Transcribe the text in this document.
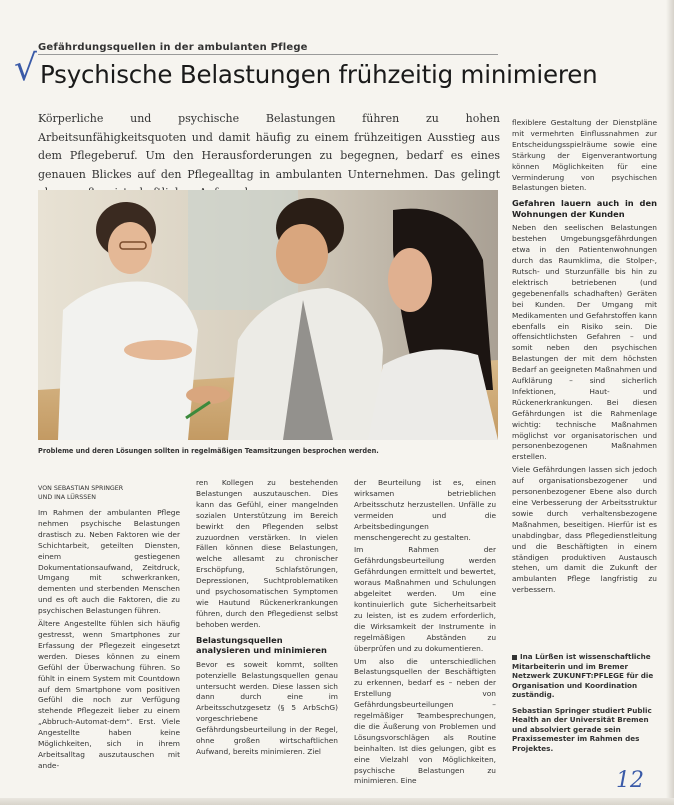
√
Gefährdungsquellen in der ambulanten Pflege
Psychische Belastungen frühzeitig minimieren
Körperliche und psychische Belastungen führen zu hohen Arbeitsunfähigkeitsquoten und damit häufig zu einem frühzeitigen Ausstieg aus dem Pflegeberuf. Um den Herausforderungen zu begegnen, bedarf es eines genauen Blickes auf den Pflegealltag in ambulanten Unternehmen. Das gelingt
Probleme und deren Lösungen sollten in regelmäßigen Teamsitzungen besprochen werden.
VON SEBASTIAN SPRINGER
UND INA LÜRSSEN

Im Rahmen der ambulanten Pflege nehmen psychische Belastungen drastisch zu. Neben Faktoren wie der Schichtarbeit, geteilten Diensten, einem gestiegenen Dokumentationsaufwand, Zeitdruck, Umgang mit schwerkranken, dementen und sterbenden Menschen und es oft auch die Faktoren, die zu psychischen Belastungen führen.

Ältere Angestellte fühlen sich häufig gestresst, wenn Smartphones zur Erfassung der Pflegezeit eingesetzt werden. Dieses können zu einem Gefühl der Überwachung führen. So fühlt in einem System mit Countdown auf dem Smartphone vom positiven Gefühl die noch zur Verfügung stehende Pflegezeit lieber zu einem „Abbruch-Automat-dem“. Erst. Viele Angestellte haben keine Möglichkeiten, sich in ihrem Arbeitsalltag auszutauschen mit ande-

ren Kollegen zu bestehenden Belastungen auszutauschen. Dies kann das Gefühl, einer mangelnden sozialen Unterstützung im Bereich bewirkt den Pflegenden selbst zuzuordnen verstärken. In vielen Fällen können diese Belastungen, welche allesamt zu chronischer Erschöpfung, Schlafstörungen, Depressionen, Suchtproblematiken und psychosomatischen Symptomen wie Hautund Rückenerkrankungen führen, durch den Pflegedienst selbst behoben werden.

Belastungsquellen analysieren und minimieren

Bevor es soweit kommt, sollten potenzielle Belastungsquellen genau untersucht werden. Diese lassen sich dann durch eine im Arbeitsschutzgesetz (§ 5 ArbSchG) vorgeschriebene Gefährdungsbeurteilung in der Regel, ohne großen wirtschaftlichen Aufwand, bereits minimieren. Ziel

der Beurteilung ist es, einen wirksamen betrieblichen Arbeitsschutz herzustellen. Unfälle zu vermeiden und die Arbeitsbedingungen menschengerecht zu gestalten.

Im Rahmen der Gefährdungsbeurteilung werden Gefährdungen ermittelt und bewertet, woraus Maßnahmen und Schulungen abgeleitet werden. Um eine kontinuierlich gute Sicherheitsarbeit zu leisten, ist es zudem erforderlich, die Wirksamkeit der Instrumente in regelmäßigen Abständen zu überprüfen und zu dokumentieren.

Um also die unterschiedlichen Belastungsquellen der Beschäftigten zu erkennen, bedarf es – neben der Erstellung von Gefährdungsbeurteilungen – regelmäßiger Teambesprechungen, die die Äußerung von Problemen und Lösungsvorschlägen als Routine beinhalten. Ist dies gelungen, gibt es eine Vielzahl von Möglichkeiten, psychische Belastungen zu minimieren. Eine

flexiblere Gestaltung der Dienstpläne mit vermehrten Einflussnahmen zur Entscheidungsspielräume sowie eine Stärkung der Eigenverantwortung können Möglichkeiten für eine Verminderung von psychischen Belastungen bieten.

Gefahren lauern auch in den Wohnungen der Kunden

Neben den seelischen Belastungen bestehen Umgebungsgefährdungen etwa in den Patientenwohnungen durch das Raumklima, die Stolper-, Rutsch- und Sturzunfälle bis hin zu elektrisch betriebenen (und gegebenenfalls schadhaften) Geräten bei Kunden. Der Umgang mit Medikamenten und Gefahrstoffen kann ebenfalls ein Risiko sein. Die offensichtlichsten Gefahren – und somit neben den psychischen Belastungen der mit dem höchsten Bedarf an geeigneten Maßnahmen und Aufklärung – sind sicherlich Infektionen, Haut- und Rückenerkrankungen. Bei diesen Gefährdungen ist die Rahmenlage wichtig: technische Maßnahmen möglichst vor organisatorischen und personenbezogenen Maßnahmen erstellen.

Viele Gefährdungen lassen sich jedoch auf organisationsbezogener und personenbezogener Ebene also durch eine Verbesserung der Arbeitsstruktur sowie durch verhaltensbezogene Maßnahmen, beseitigen. Hierfür ist es unabdingbar, dass Pflegedienstleitung und die Beschäftigten in einem ständigen produktiven Austausch stehen, um damit die Zukunft der ambulanten Pflege langfristig zu verbessern.

Ina Lürßen ist wissenschaftliche Mitarbeiterin und im Bremer Netzwerk ZUKUNFT:PFLEGE für die Organisation und Koordination zuständig.

Sebastian Springer studiert Public Health an der Universität Bremen und absolviert gerade sein Praxissemester im Rahmen des Projektes.

12
